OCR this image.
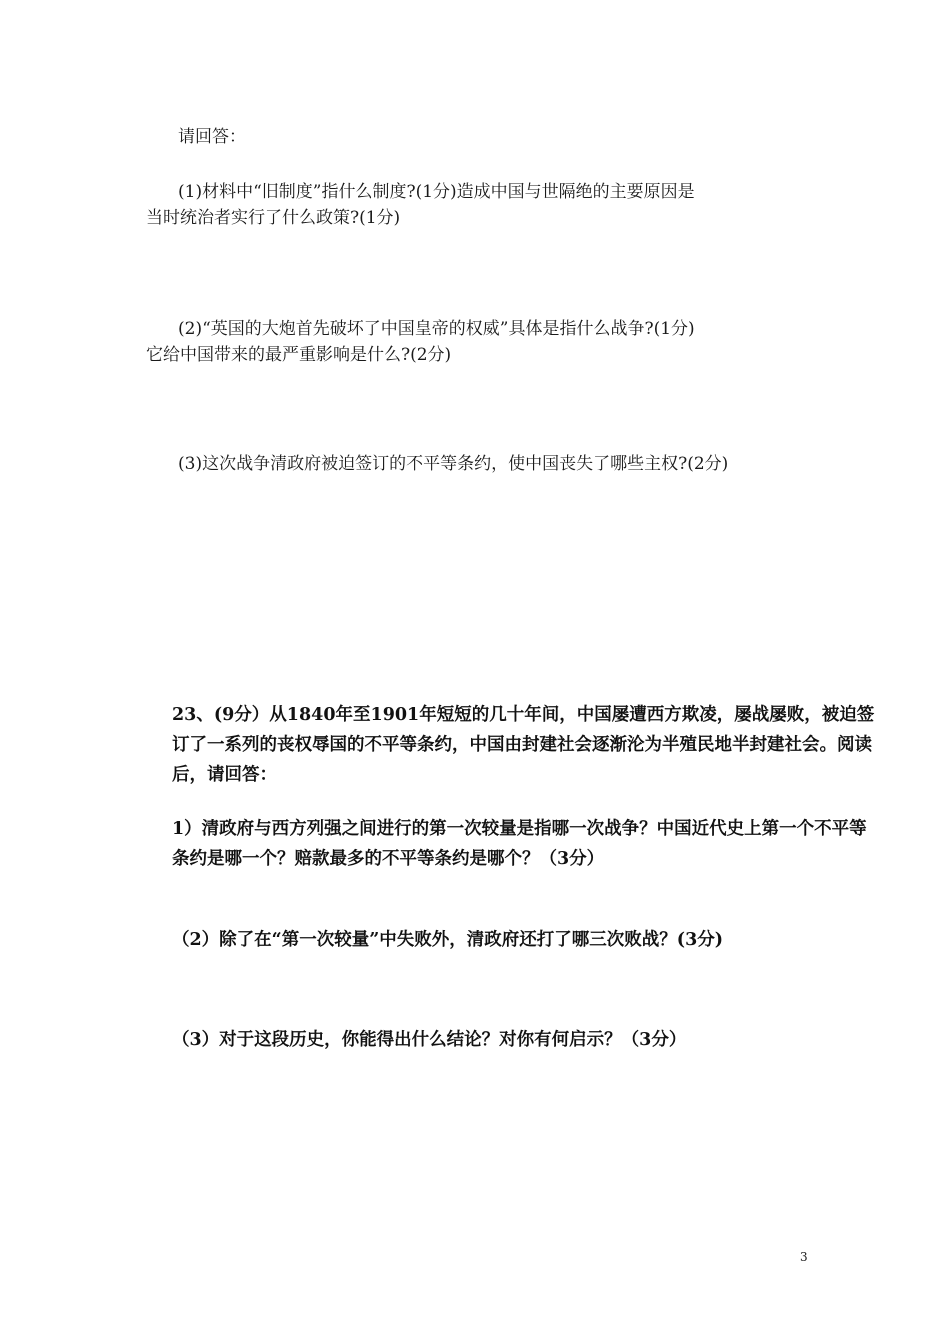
请回答：
(1)材料中“旧制度”指什么制度?(1分)造成中国与世隔绝的主要原因是
当时统治者实行了什么政策?(1分)
(2)“英国的大炮首先破坏了中国皇帝的权威”具体是指什么战争?(1分)
它给中国带来的最严重影响是什么?(2分)
(3)这次战争清政府被迫签订的不平等条约，使中国丧失了哪些主权?(2分)
23、(9分）从1840年至1901年短短的几十年间，中国屡遭西方欺凌，屡战屡败，被迫签
订了一系列的丧权辱国的不平等条约，中国由封建社会逐渐沦为半殖民地半封建社会。阅读
后，请回答：
1）清政府与西方列强之间进行的第一次较量是指哪一次战争？中国近代史上第一个不平等
条约是哪一个？赔款最多的不平等条约是哪个？（3分）
（2）除了在“第一次较量”中失败外，清政府还打了哪三次败战？(3分)
（3）对于这段历史，你能得出什么结论？对你有何启示？（3分）
3
